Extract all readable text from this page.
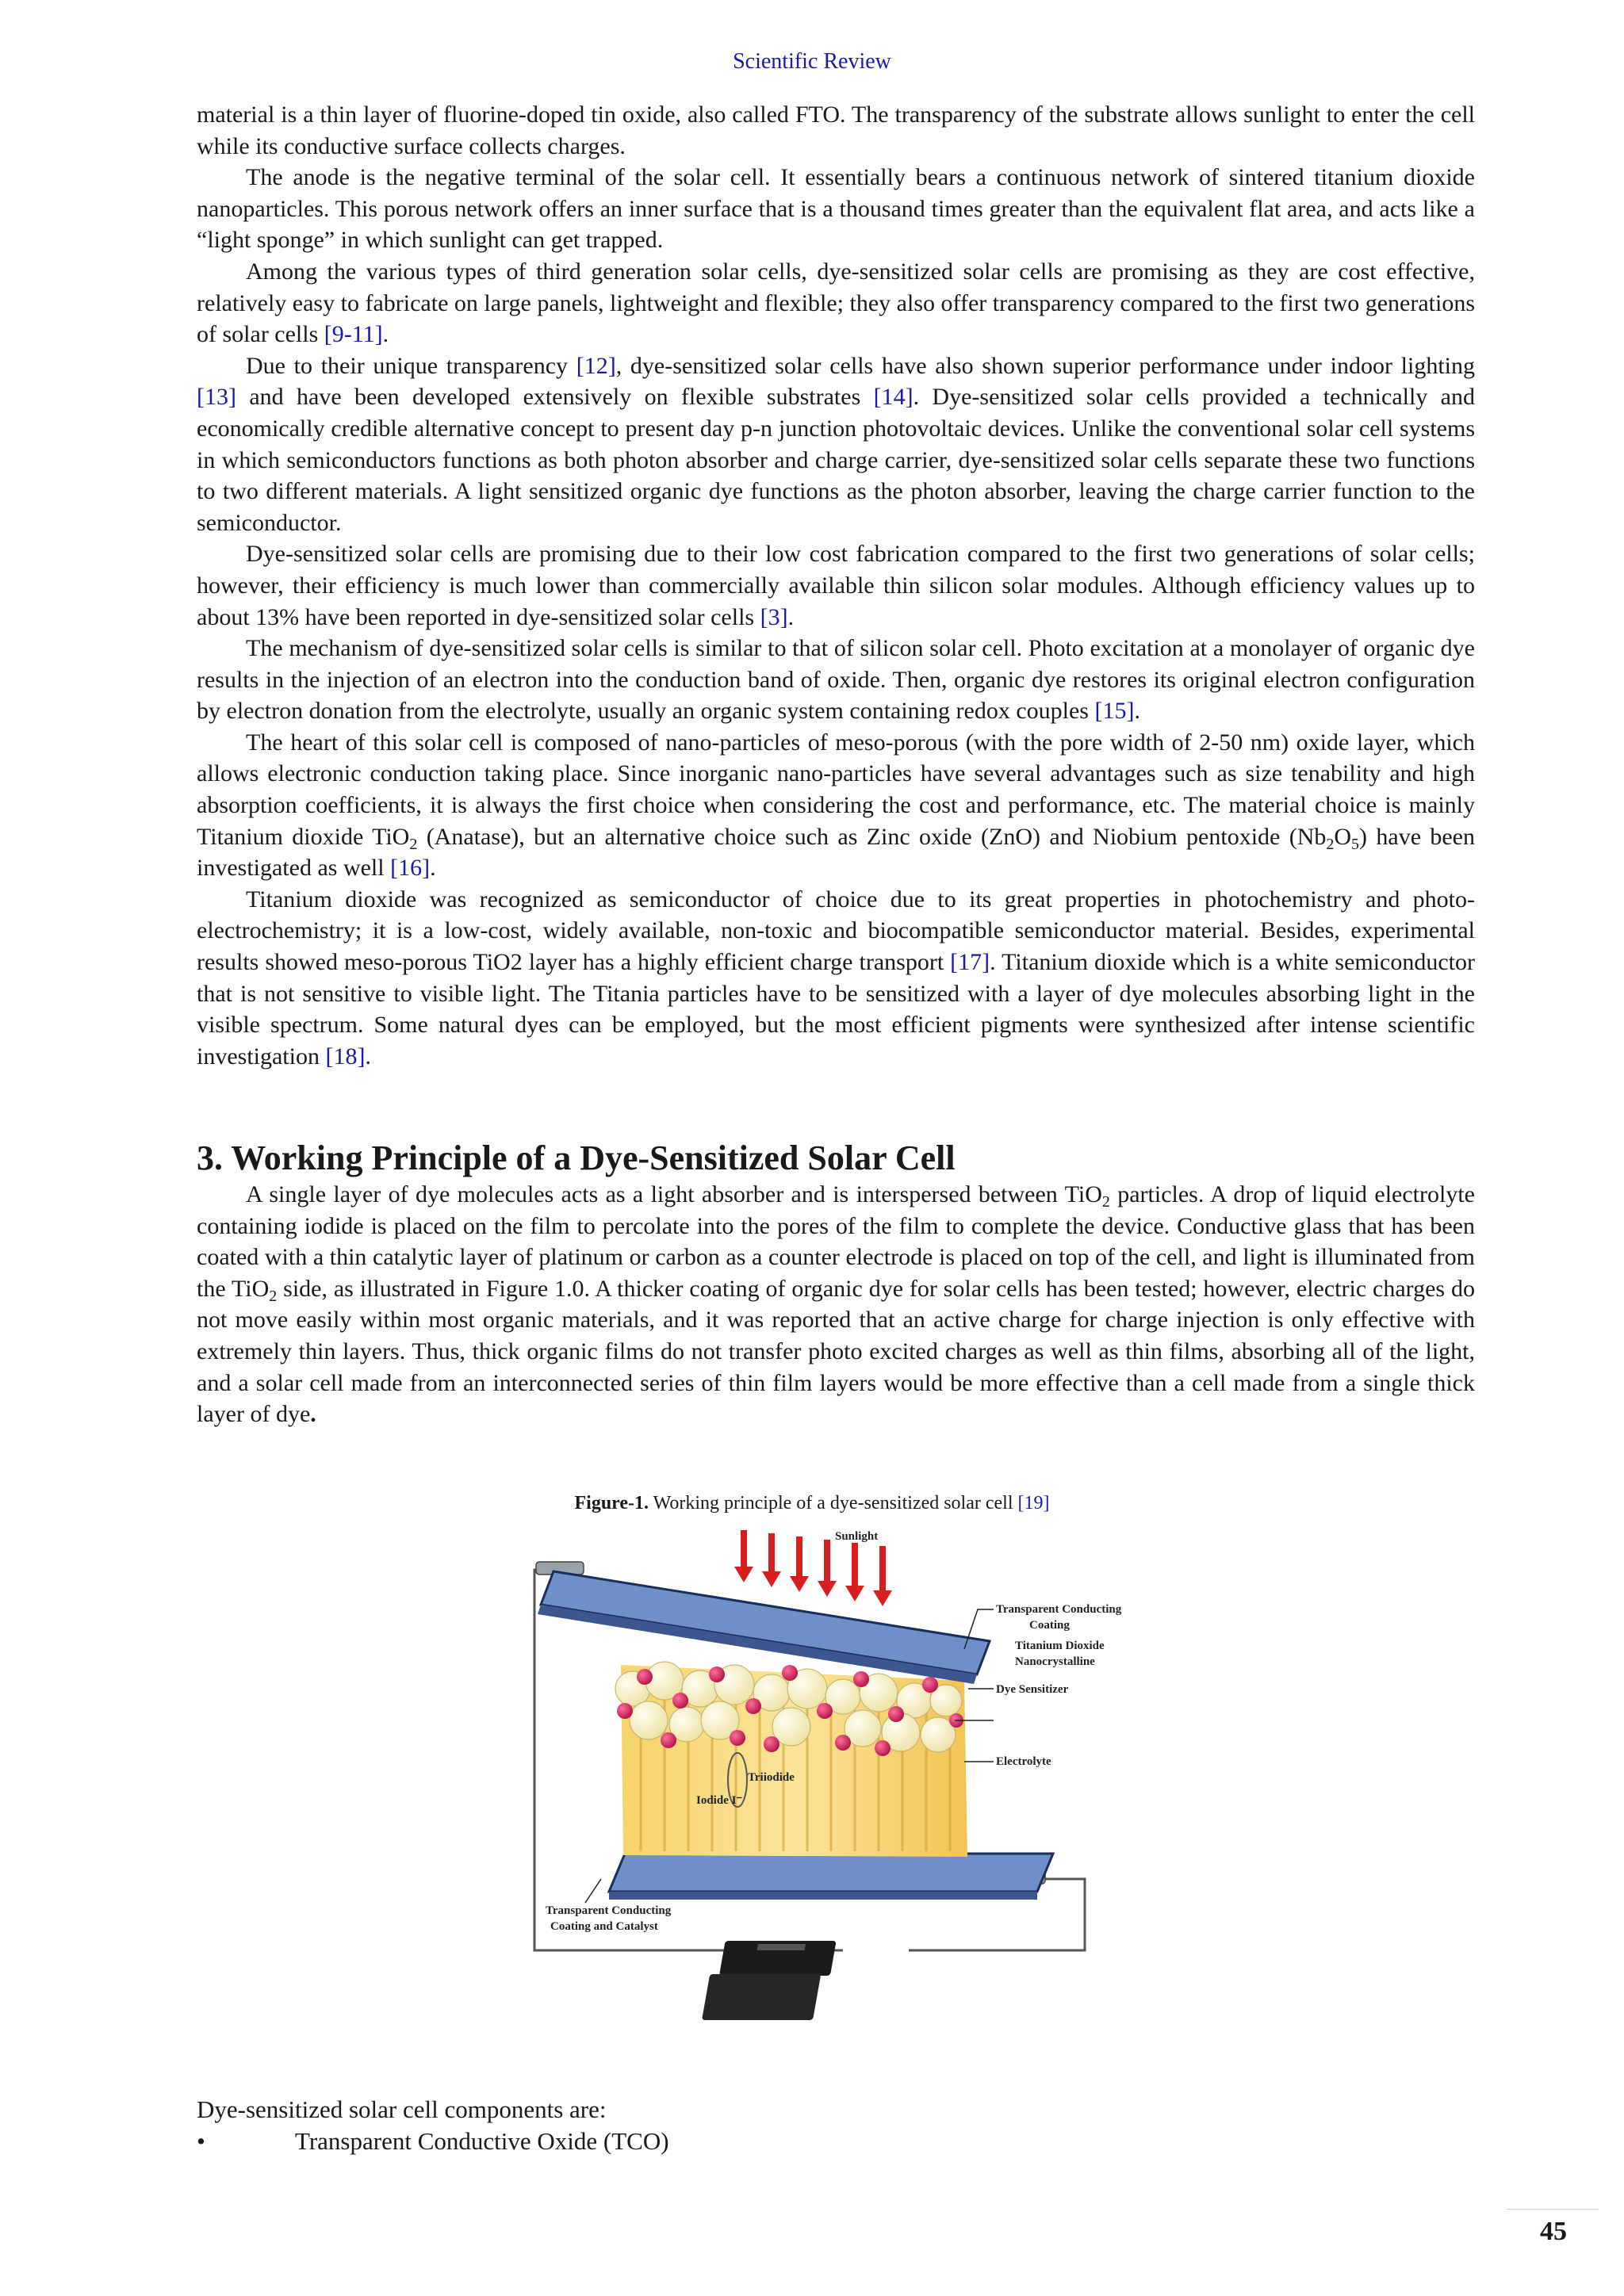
Scientific Review

material is a thin layer of fluorine-doped tin oxide, also called FTO. The transparency of the substrate allows sunlight to enter the cell while its conductive surface collects charges.

The anode is the negative terminal of the solar cell. It essentially bears a continuous network of sintered titanium dioxide nanoparticles. This porous network offers an inner surface that is a thousand times greater than the equivalent flat area, and acts like a “light sponge” in which sunlight can get trapped.

Among the various types of third generation solar cells, dye-sensitized solar cells are promising as they are cost effective, relatively easy to fabricate on large panels, lightweight and flexible; they also offer transparency compared to the first two generations of solar cells [9-11].

Due to their unique transparency [12], dye-sensitized solar cells have also shown superior performance under indoor lighting [13] and have been developed extensively on flexible substrates [14]. Dye-sensitized solar cells provided a technically and economically credible alternative concept to present day p-n junction photovoltaic devices. Unlike the conventional solar cell systems in which semiconductors functions as both photon absorber and charge carrier, dye-sensitized solar cells separate these two functions to two different materials. A light sensitized organic dye functions as the photon absorber, leaving the charge carrier function to the semiconductor.

Dye-sensitized solar cells are promising due to their low cost fabrication compared to the first two generations of solar cells; however, their efficiency is much lower than commercially available thin silicon solar modules. Although efficiency values up to about 13% have been reported in dye-sensitized solar cells [3].

The mechanism of dye-sensitized solar cells is similar to that of silicon solar cell. Photo excitation at a monolayer of organic dye results in the injection of an electron into the conduction band of oxide. Then, organic dye restores its original electron configuration by electron donation from the electrolyte, usually an organic system containing redox couples [15].

The heart of this solar cell is composed of nano-particles of meso-porous (with the pore width of 2-50 nm) oxide layer, which allows electronic conduction taking place. Since inorganic nano-particles have several advantages such as size tenability and high absorption coefficients, it is always the first choice when considering the cost and performance, etc. The material choice is mainly Titanium dioxide TiO$_2$ (Anatase), but an alternative choice such as Zinc oxide (ZnO) and Niobium pentoxide $(Nb_2O_5)$ have been investigated as well [16].

Titanium dioxide was recognized as semiconductor of choice due to its great properties in photochemistry and photo-electrochemistry; it is a low-cost, widely available, non-toxic and biocompatible semiconductor material. Besides, experimental results showed meso-porous TiO2 layer has a highly efficient charge transport [17]. Titanium dioxide which is a white semiconductor that is not sensitive to visible light. The Titania particles have to be sensitized with a layer of dye molecules absorbing light in the visible spectrum. Some natural dyes can be employed, but the most efficient pigments were synthesized after intense scientific investigation [18].

3. Working Principle of a Dye-Sensitized Solar Cell

A single layer of dye molecules acts as a light absorber and is interspersed between TiO$_2$ particles. A drop of liquid electrolyte containing iodide is placed on the film to percolate into the pores of the film to complete the device. Conductive glass that has been coated with a thin catalytic layer of platinum or carbon as a counter electrode is placed on top of the cell, and light is illuminated from the TiO$_2$ side, as illustrated in Figure 1.0. A thicker coating of organic dye for solar cells has been tested; however, electric charges do not move easily within most organic materials, and it was reported that an active charge for charge injection is only effective with extremely thin layers. Thus, thick organic films do not transfer photo excited charges as well as thin films, absorbing all of the light, and a solar cell made from an interconnected series of thin film layers would be more effective than a cell made from a single thick layer of dye.

Figure-1. Working principle of a dye-sensitized solar cell [19]
Iodide I⁻
Triiodide
Sunlight
Transparent Conducting
Coating
Titanium Dioxide
Nanocrystalline
Dye Sensitizer
Electrolyte
Transparent Conducting
Coating and Catalyst
Dye-sensitized solar cell components are:
•	Transparent Conductive Oxide (TCO)
45
